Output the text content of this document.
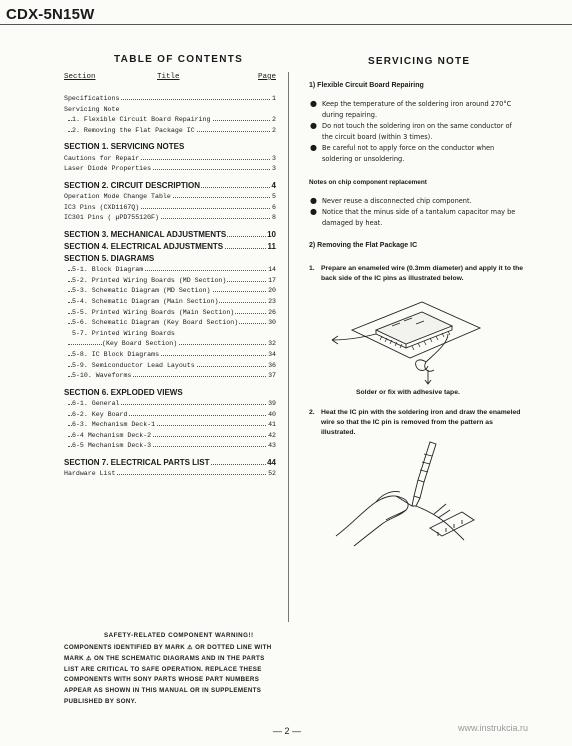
CDX-5N15W
TABLE OF CONTENTS
Section	Title	Page
Specifications	1
Servicing Note
1. Flexible Circuit Board Repairing	2
2. Removing the Flat Package IC	2
SECTION 1. SERVICING NOTES
Cautions for Repair	3
Laser Diode Properties	3
SECTION 2. CIRCUIT DESCRIPTION	4
Operation Mode Change Table	5
IC3 Pins (CXD1167Q)	6
IC301 Pins ( µPD75512GF)	8
SECTION 3. MECHANICAL ADJUSTMENTS	10
SECTION 4. ELECTRICAL ADJUSTMENTS	11
SECTION 5. DIAGRAMS
5-1. Block Diagram	14
5-2. Printed Wiring Boards (MD Section)	17
5-3. Schematic Diagram (MD Section)	20
5-4. Schematic Diagram (Main Section)	23
5-5. Printed Wiring Boards (Main Section)	26
5-6. Schematic Diagram (Key Board Section)	30
5-7. Printed Wiring Boards
(Key Board Section)	32
5-8. IC Block Diagrams	34
5-9. Semiconductor Lead Layouts	36
5-10. Waveforms	37
SECTION 6. EXPLODED VIEWS
6-1. General	39
6-2. Key Board	40
6-3. Mechanism Deck-1	41
6-4 Mechanism Deck-2	42
6-5 Mechanism Deck-3	43
SECTION 7. ELECTRICAL PARTS LIST	44
Hardware List	52
SAFETY-RELATED COMPONENT WARNING!!
COMPONENTS IDENTIFIED BY MARK ⚠ OR DOTTED LINE WITH MARK ⚠ ON THE SCHEMATIC DIAGRAMS AND IN THE PARTS LIST ARE CRITICAL TO SAFE OPERATION. REPLACE THESE COMPONENTS WITH SONY PARTS WHOSE PART NUMBERS APPEAR AS SHOWN IN THIS MANUAL OR IN SUPPLEMENTS PUBLISHED BY SONY.
SERVICING NOTE
1) Flexible Circuit Board Repairing
● Keep the temperature of the soldering iron around 270°C during repairing.
● Do not touch the soldering iron on the same conductor of the circuit board (within 3 times).
● Be careful not to apply force on the conductor when soldering or unsoldering.
Notes on chip component replacement
● Never reuse a disconnected chip component.
● Notice that the minus side of a tantalum capacitor may be damaged by heat.
2) Removing the Flat Package IC
1. Prepare an enameled wire (0.3mm diameter) and apply it to the back side of the IC pins as illustrated below.
Solder or fix with adhesive tape.
2. Heat the IC pin with the soldering iron and draw the enameled wire so that the IC pin is removed from the pattern as illustrated.
— 2 —	www.instrukcia.ru
